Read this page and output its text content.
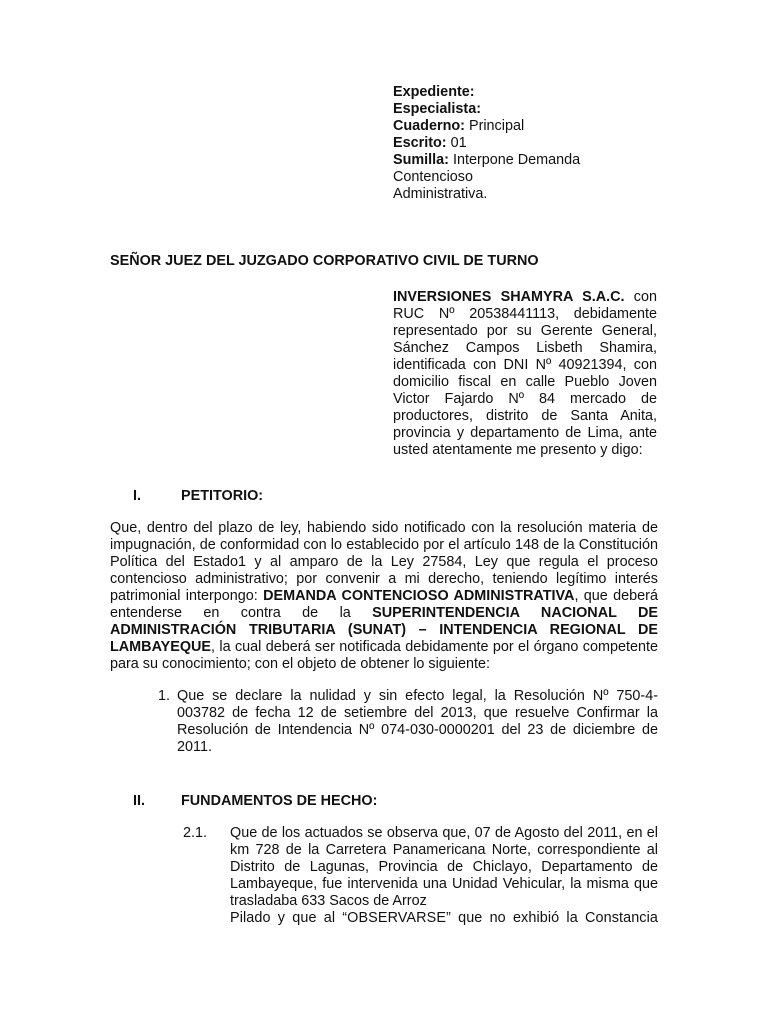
Expediente:
Especialista:
Cuaderno: Principal
Escrito: 01
Sumilla: Interpone Demanda
Contencioso
Administrativa.
SEÑOR JUEZ DEL JUZGADO CORPORATIVO CIVIL DE TURNO
INVERSIONES SHAMYRA S.A.C. con RUC Nº 20538441113, debidamente representado por su Gerente General, Sánchez Campos Lisbeth Shamira, identificada con DNI Nº 40921394, con domicilio fiscal en calle Pueblo Joven Victor Fajardo Nº 84 mercado de productores, distrito de Santa Anita, provincia y departamento de Lima, ante usted atentamente me presento y digo:
I.	PETITORIO:
Que, dentro del plazo de ley, habiendo sido notificado con la resolución materia de impugnación, de conformidad con lo establecido por el artículo 148 de la Constitución Política del Estado1 y al amparo de la Ley 27584, Ley que regula el proceso contencioso administrativo; por convenir a mi derecho, teniendo legítimo interés patrimonial interpongo: DEMANDA CONTENCIOSO ADMINISTRATIVA, que deberá entenderse en contra de la SUPERINTENDENCIA NACIONAL DE ADMINISTRACIÓN TRIBUTARIA (SUNAT) – INTENDENCIA REGIONAL DE LAMBAYEQUE, la cual deberá ser notificada debidamente por el órgano competente para su conocimiento; con el objeto de obtener lo siguiente:
1. Que se declare la nulidad y sin efecto legal, la Resolución Nº 750-4-003782 de fecha 12 de setiembre del 2013, que resuelve Confirmar la Resolución de Intendencia Nº 074-030-0000201 del 23 de diciembre de 2011.
II.	FUNDAMENTOS DE HECHO:
2.1. Que de los actuados se observa que, 07 de Agosto del 2011, en el km 728 de la Carretera Panamericana Norte, correspondiente al Distrito de Lagunas, Provincia de Chiclayo, Departamento de Lambayeque, fue intervenida una Unidad Vehicular, la misma que trasladaba 633 Sacos de Arroz
Pilado y que al “OBSERVARSE” que no exhibió la Constancia
